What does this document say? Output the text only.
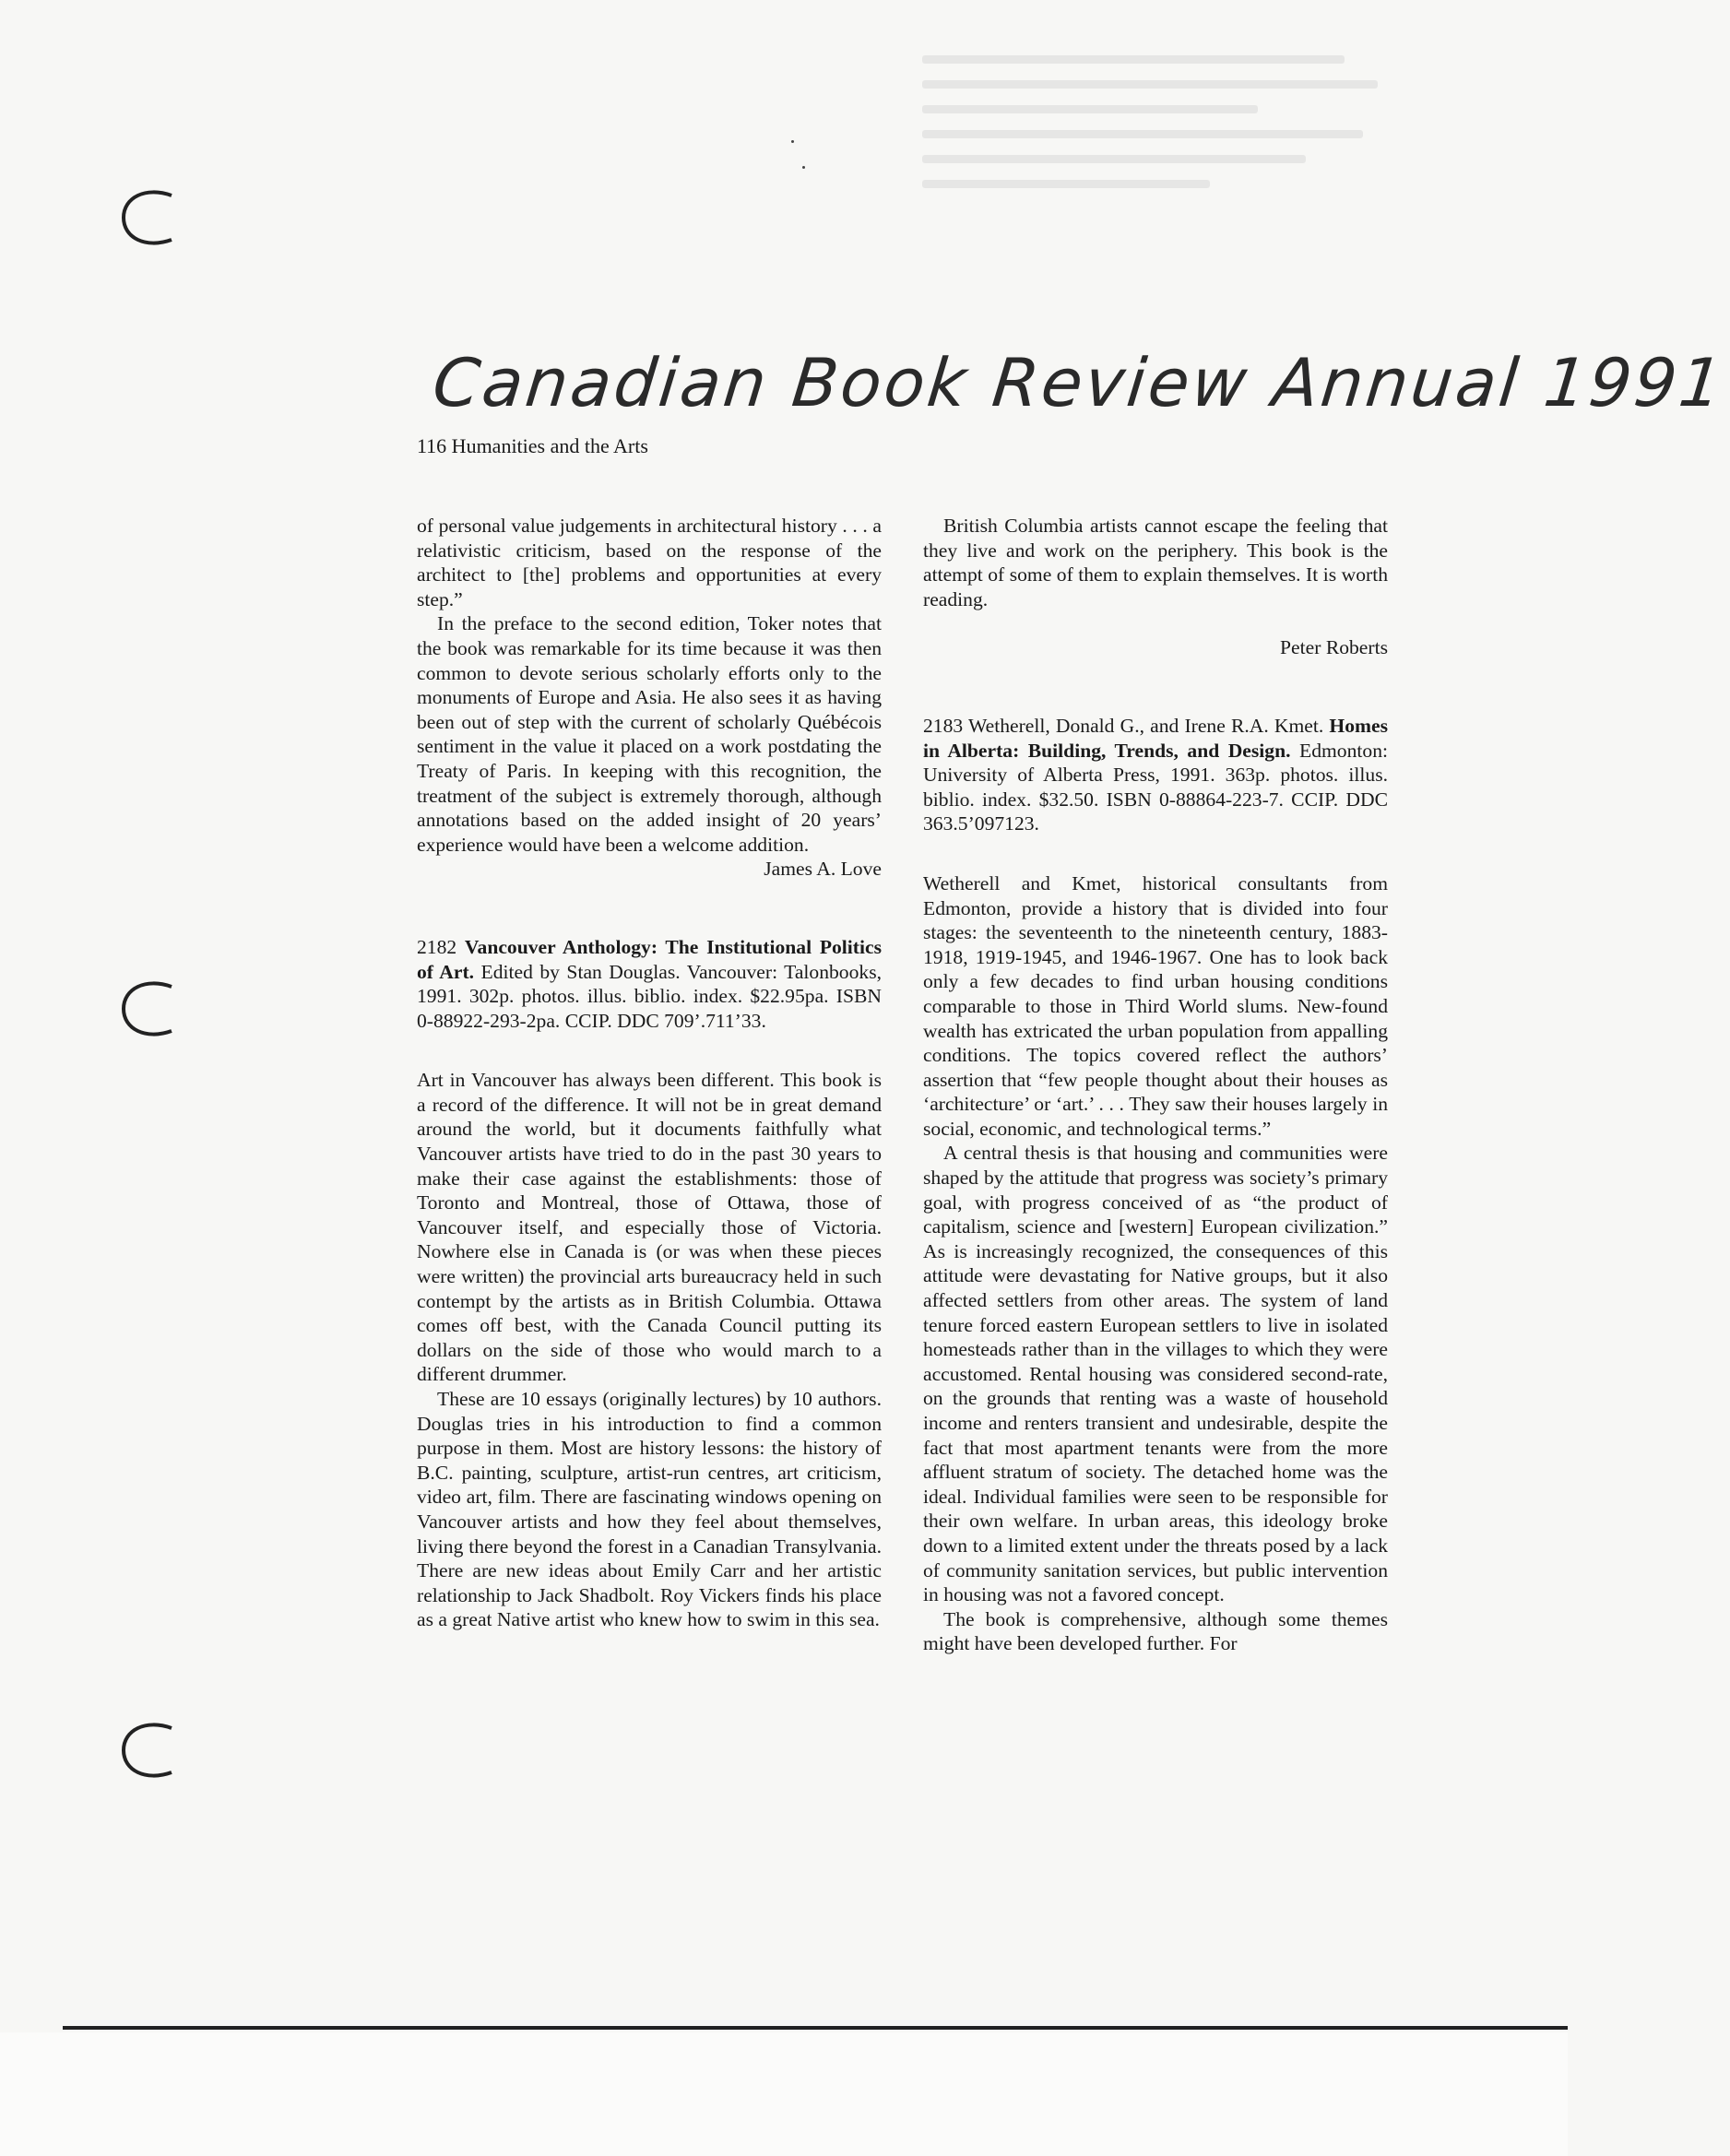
Canadian Book Review Annual 1991
116 Humanities and the Arts

of personal value judgements in architectural history . . . a relativistic criticism, based on the response of the architect to [the] problems and opportunities at every step.”

In the preface to the second edition, Toker notes that the book was remarkable for its time because it was then common to devote serious scholarly efforts only to the monuments of Europe and Asia. He also sees it as having been out of step with the current of scholarly Québécois sentiment in the value it placed on a work postdating the Treaty of Paris. In keeping with this recognition, the treatment of the subject is extremely thorough, although annotations based on the added insight of 20 years’ experience would have been a welcome addition.

James A. Love

2182 Vancouver Anthology: The Institutional Politics of Art. Edited by Stan Douglas. Vancouver: Talonbooks, 1991. 302p. photos. illus. biblio. index. $22.95pa. ISBN 0-88922-293-2pa. CCIP. DDC 709’.711’33.

Art in Vancouver has always been different. This book is a record of the difference. It will not be in great demand around the world, but it documents faithfully what Vancouver artists have tried to do in the past 30 years to make their case against the establishments: those of Toronto and Montreal, those of Ottawa, those of Vancouver itself, and especially those of Victoria. Nowhere else in Canada is (or was when these pieces were written) the provincial arts bureaucracy held in such contempt by the artists as in British Columbia. Ottawa comes off best, with the Canada Council putting its dollars on the side of those who would march to a different drummer.

These are 10 essays (originally lectures) by 10 authors. Douglas tries in his introduction to find a common purpose in them. Most are history lessons: the history of B.C. painting, sculpture, artist-run centres, art criticism, video art, film. There are fascinating windows opening on Vancouver artists and how they feel about themselves, living there beyond the forest in a Canadian Transylvania. There are new ideas about Emily Carr and her artistic relationship to Jack Shadbolt. Roy Vickers finds his place as a great Native artist who knew how to swim in this sea.

British Columbia artists cannot escape the feeling that they live and work on the periphery. This book is the attempt of some of them to explain themselves. It is worth reading.

Peter Roberts

2183 Wetherell, Donald G., and Irene R.A. Kmet. Homes in Alberta: Building, Trends, and Design. Edmonton: University of Alberta Press, 1991. 363p. photos. illus. biblio. index. $32.50. ISBN 0-88864-223-7. CCIP. DDC 363.5’097123.

Wetherell and Kmet, historical consultants from Edmonton, provide a history that is divided into four stages: the seventeenth to the nineteenth century, 1883-1918, 1919-1945, and 1946-1967. One has to look back only a few decades to find urban housing conditions comparable to those in Third World slums. New-found wealth has extricated the urban population from appalling conditions. The topics covered reflect the authors’ assertion that “few people thought about their houses as ‘architecture’ or ‘art.’ . . . They saw their houses largely in social, economic, and technological terms.”

A central thesis is that housing and communities were shaped by the attitude that progress was society’s primary goal, with progress conceived of as “the product of capitalism, science and [western] European civilization.” As is increasingly recognized, the consequences of this attitude were devastating for Native groups, but it also affected settlers from other areas. The system of land tenure forced eastern European settlers to live in isolated homesteads rather than in the villages to which they were accustomed. Rental housing was considered second-rate, on the grounds that renting was a waste of household income and renters transient and undesirable, despite the fact that most apartment tenants were from the more affluent stratum of society. The detached home was the ideal. Individual families were seen to be responsible for their own welfare. In urban areas, this ideology broke down to a limited extent under the threats posed by a lack of community sanitation services, but public intervention in housing was not a favored concept.

The book is comprehensive, although some themes might have been developed further. For
